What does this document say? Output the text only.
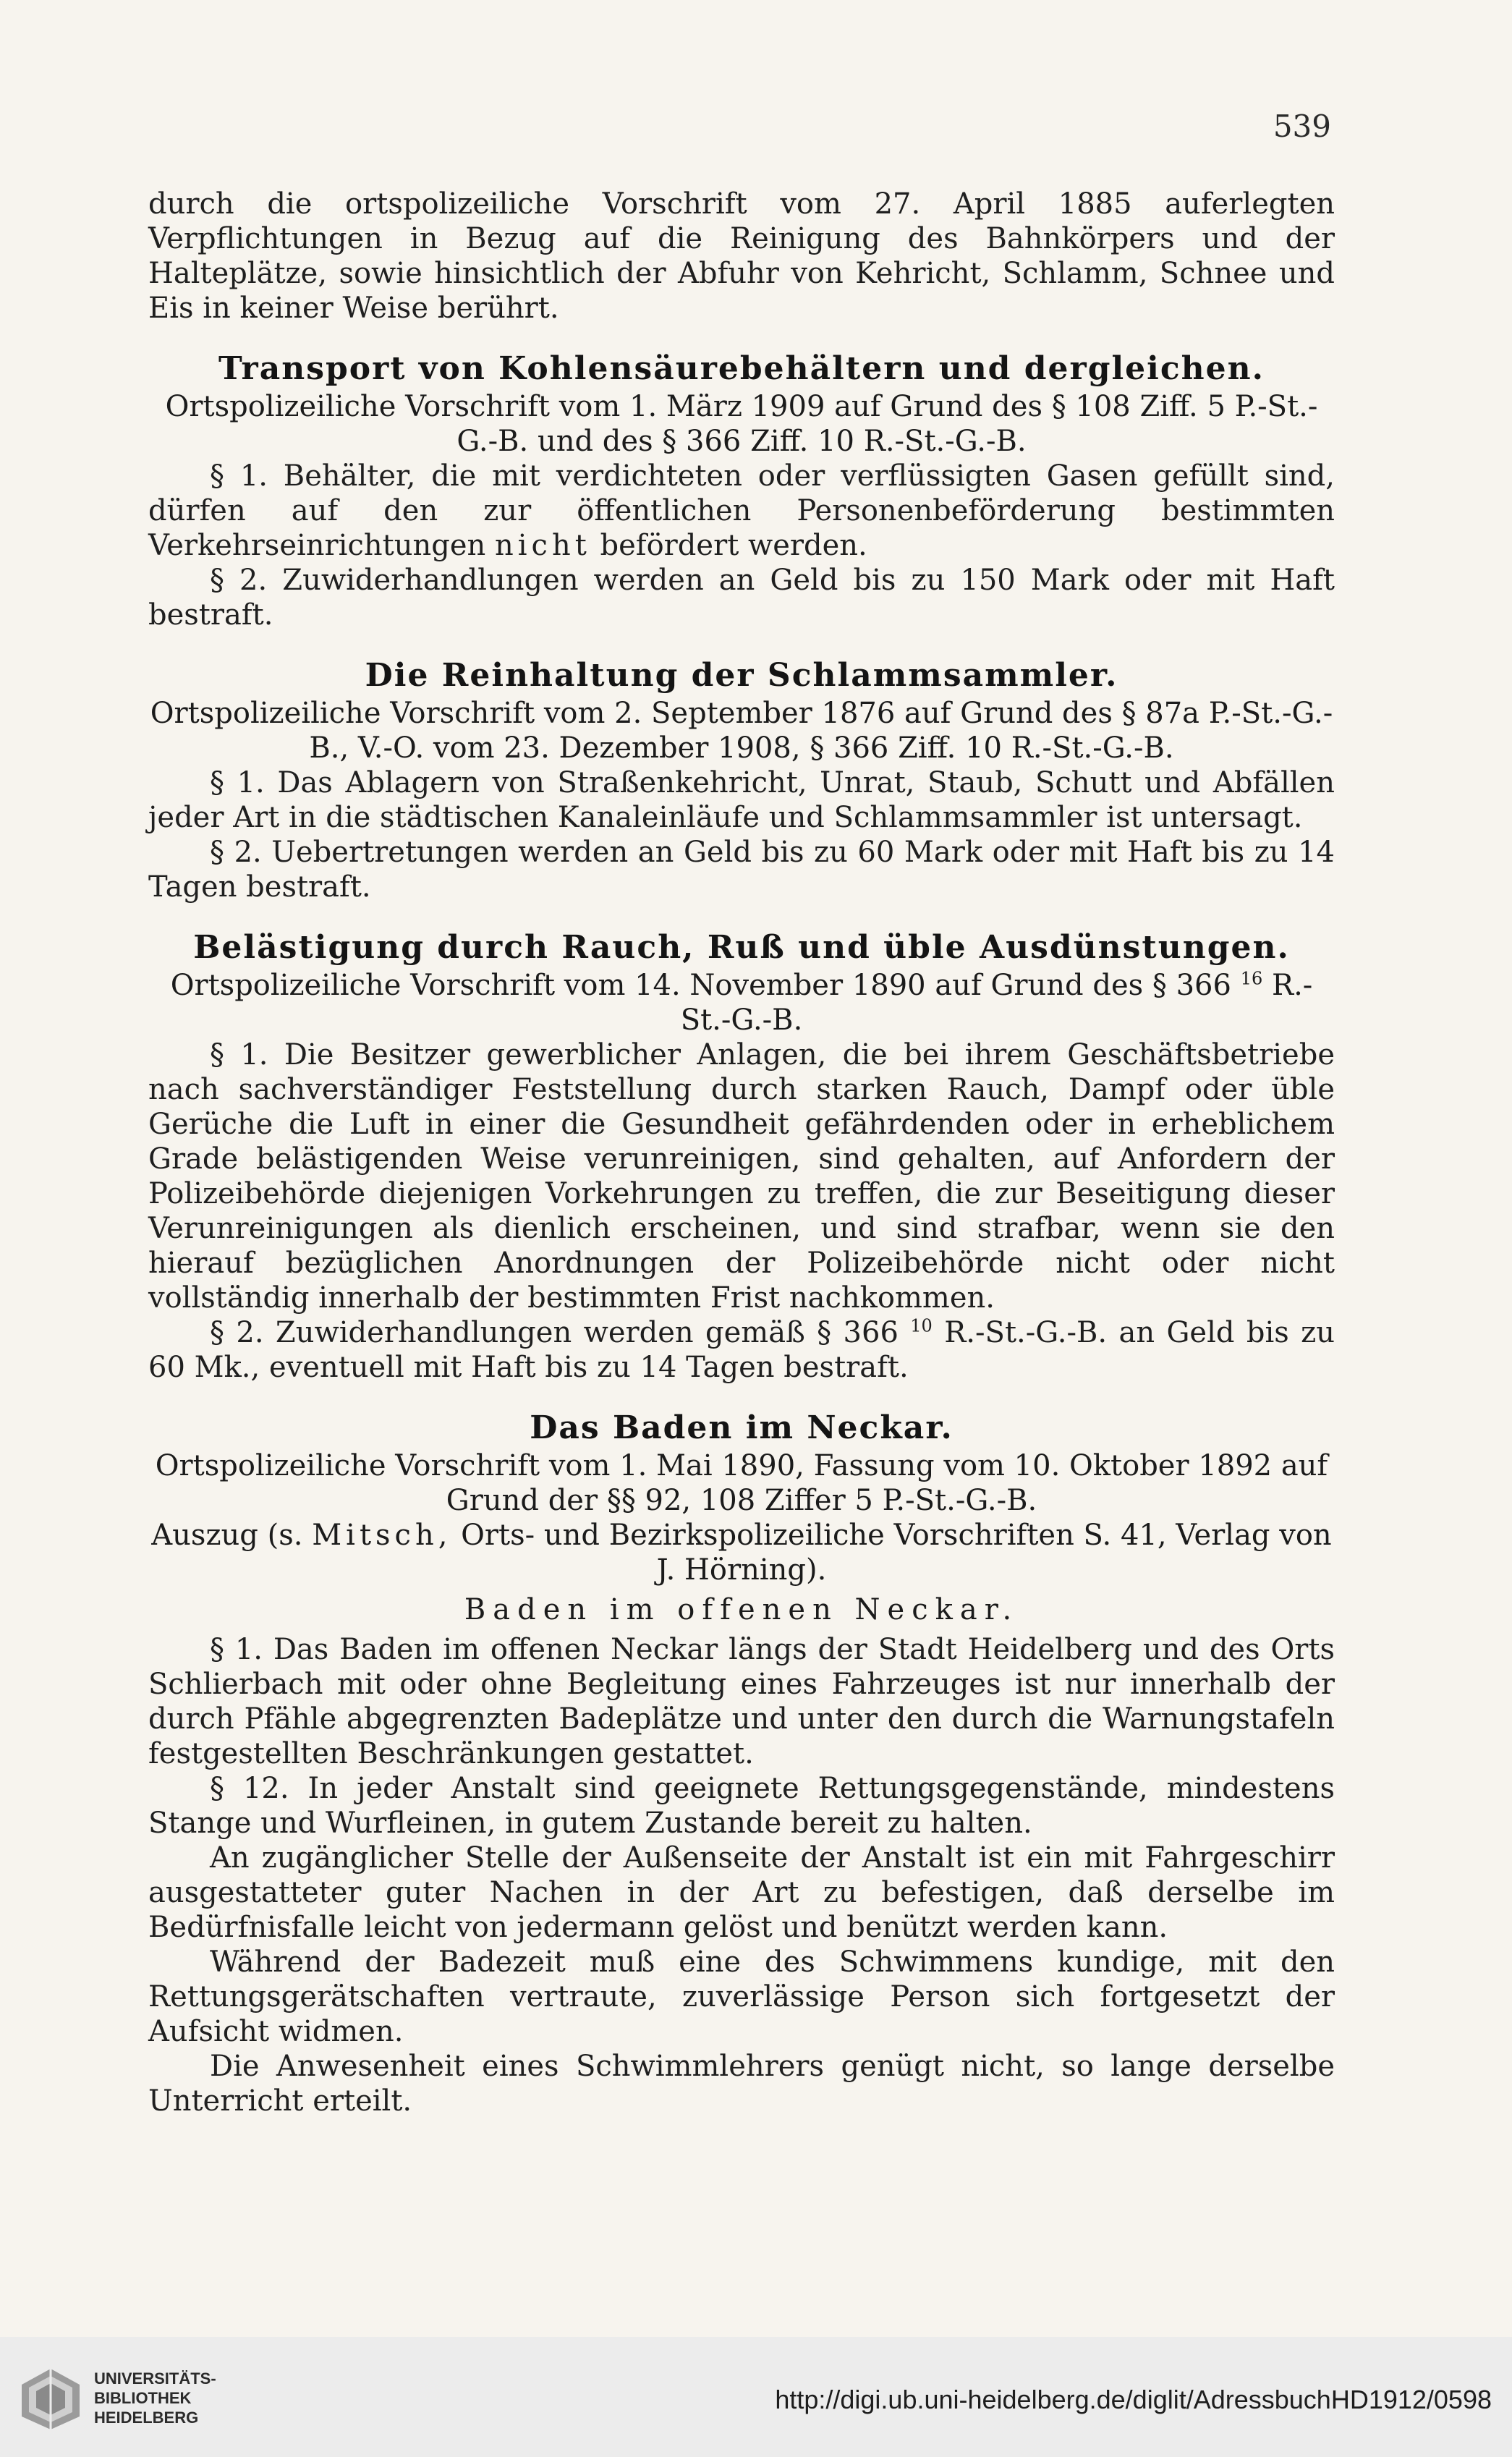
539

durch die ortspolizeiliche Vorschrift vom 27. April 1885 auferlegten Verpflichtungen in Bezug auf die Reinigung des Bahnkörpers und der Halteplätze, sowie hinsichtlich der Abfuhr von Kehricht, Schlamm, Schnee und Eis in keiner Weise berührt.

Transport von Kohlensäurebehältern und dergleichen.

Ortspolizeiliche Vorschrift vom 1. März 1909 auf Grund des § 108 Ziff. 5 P.-St.-G.-B. und des § 366 Ziff. 10 R.-St.-G.-B.

§ 1. Behälter, die mit verdichteten oder verflüssigten Gasen gefüllt sind, dürfen auf den zur öffentlichen Personenbeförderung bestimmten Verkehrseinrichtungen nicht befördert werden.

§ 2. Zuwiderhandlungen werden an Geld bis zu 150 Mark oder mit Haft bestraft.

Die Reinhaltung der Schlammsammler.

Ortspolizeiliche Vorschrift vom 2. September 1876 auf Grund des § 87a P.-St.-G.-B., V.-O. vom 23. Dezember 1908, § 366 Ziff. 10 R.-St.-G.-B.

§ 1. Das Ablagern von Straßenkehricht, Unrat, Staub, Schutt und Abfällen jeder Art in die städtischen Kanaleinläufe und Schlammsammler ist untersagt.

§ 2. Uebertretungen werden an Geld bis zu 60 Mark oder mit Haft bis zu 14 Tagen bestraft.

Belästigung durch Rauch, Ruß und üble Ausdünstungen.

Ortspolizeiliche Vorschrift vom 14. November 1890 auf Grund des § 366 $^{16}$ R.-St.-G.-B.

§ 1. Die Besitzer gewerblicher Anlagen, die bei ihrem Geschäftsbetriebe nach sachverständiger Feststellung durch starken Rauch, Dampf oder üble Gerüche die Luft in einer die Gesundheit gefährdenden oder in erheblichem Grade belästigenden Weise verunreinigen, sind gehalten, auf Anfordern der Polizeibehörde diejenigen Vorkehrungen zu treffen, die zur Beseitigung dieser Verunreinigungen als dienlich erscheinen, und sind strafbar, wenn sie den hierauf bezüglichen Anordnungen der Polizeibehörde nicht oder nicht vollständig innerhalb der bestimmten Frist nachkommen.

§ 2. Zuwiderhandlungen werden gemäß § 366 $^{10}$ R.-St.-G.-B. an Geld bis zu 60 Mk., eventuell mit Haft bis zu 14 Tagen bestraft.

Das Baden im Neckar.

Ortspolizeiliche Vorschrift vom 1. Mai 1890, Fassung vom 10. Oktober 1892 auf Grund der §§ 92, 108 Ziffer 5 P.-St.-G.-B.

Auszug (s. Mitsch, Orts- und Bezirkspolizeiliche Vorschriften S. 41, Verlag von J. Hörning).

Baden im offenen Neckar.

§ 1. Das Baden im offenen Neckar längs der Stadt Heidelberg und des Orts Schlierbach mit oder ohne Begleitung eines Fahrzeuges ist nur innerhalb der durch Pfähle abgegrenzten Badeplätze und unter den durch die Warnungstafeln festgestellten Beschränkungen gestattet.

§ 12. In jeder Anstalt sind geeignete Rettungsgegenstände, mindestens Stange und Wurfleinen, in gutem Zustande bereit zu halten.

An zugänglicher Stelle der Außenseite der Anstalt ist ein mit Fahrgeschirr ausgestatteter guter Nachen in der Art zu befestigen, daß derselbe im Bedürfnisfalle leicht von jedermann gelöst und benützt werden kann.

Während der Badezeit muß eine des Schwimmens kundige, mit den Rettungsgerätschaften vertraute, zuverlässige Person sich fortgesetzt der Aufsicht widmen.

Die Anwesenheit eines Schwimmlehrers genügt nicht, so lange derselbe Unterricht erteilt.

UNIVERSITÄTS-
BIBLIOTHEK
HEIDELBERG
http://digi.ub.uni-heidelberg.de/diglit/AdressbuchHD1912/0598
